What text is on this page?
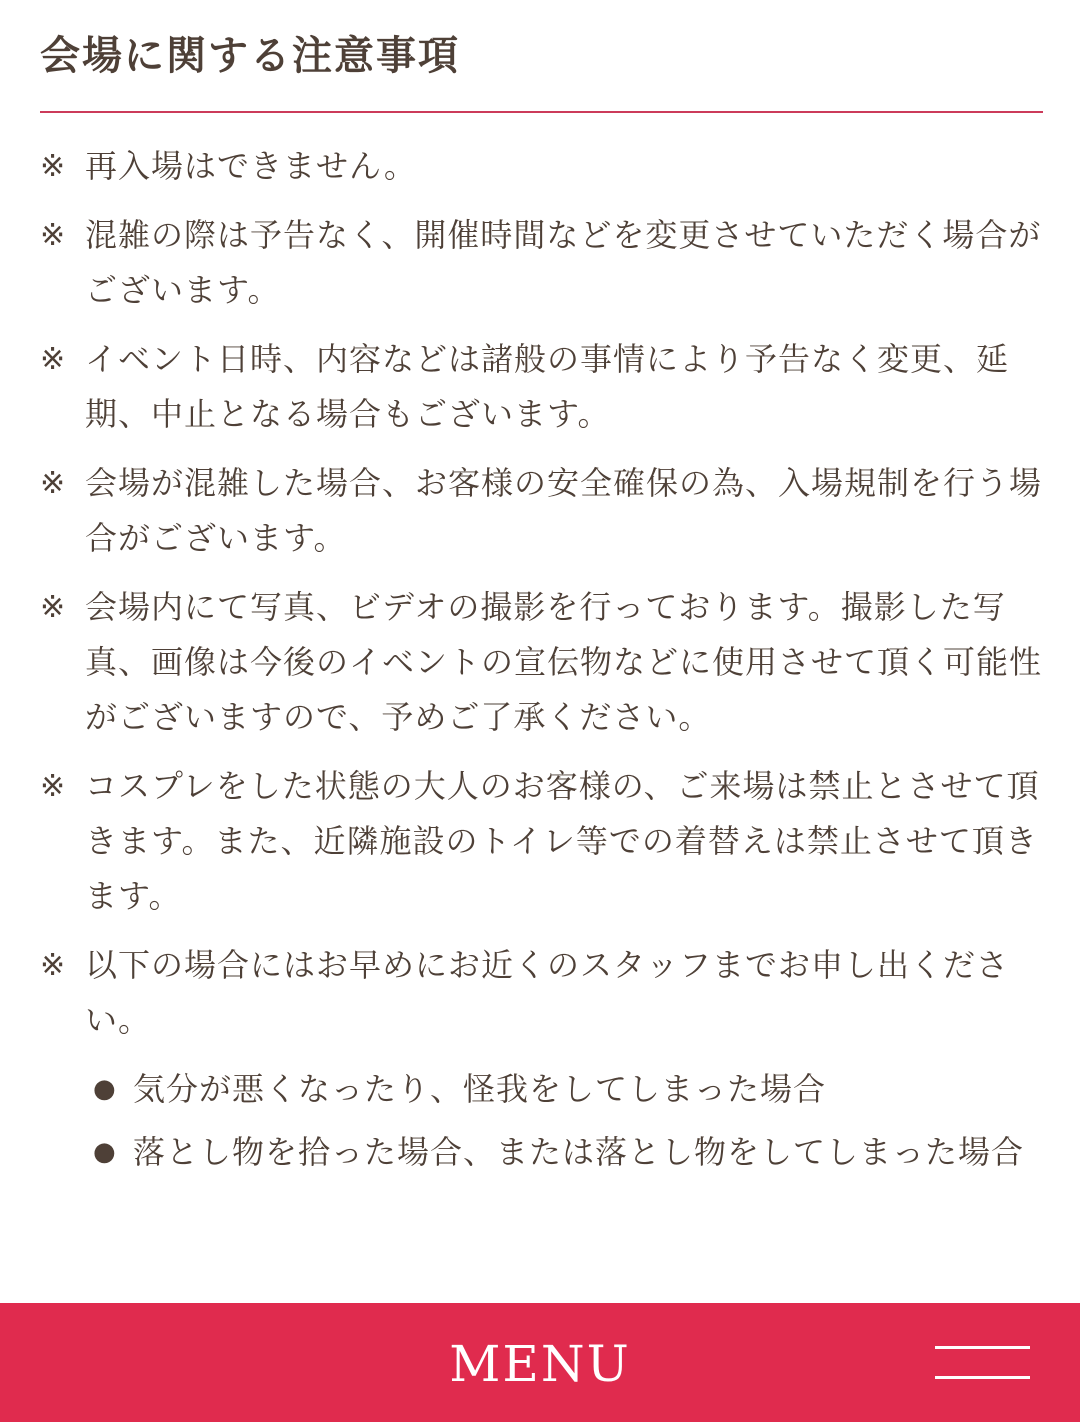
会場に関する注意事項
※ 再入場はできません。
※ 混雑の際は予告なく、開催時間などを変更させていただく場合がございます。
※ イベント日時、内容などは諸般の事情により予告なく変更、延期、中止となる場合もございます。
※ 会場が混雑した場合、お客様の安全確保の為、入場規制を行う場合がございます。
※ 会場内にて写真、ビデオの撮影を行っております。撮影した写真、画像は今後のイベントの宣伝物などに使用させて頂く可能性がございますので、予めご了承ください。
※ コスプレをした状態の大人のお客様の、ご来場は禁止とさせて頂きます。また、近隣施設のトイレ等での着替えは禁止させて頂きます。
※ 以下の場合にはお早めにお近くのスタッフまでお申し出ください。
● 気分が悪くなったり、怪我をしてしまった場合
● 落とし物を拾った場合、または落とし物をしてしまった場合
MENU
